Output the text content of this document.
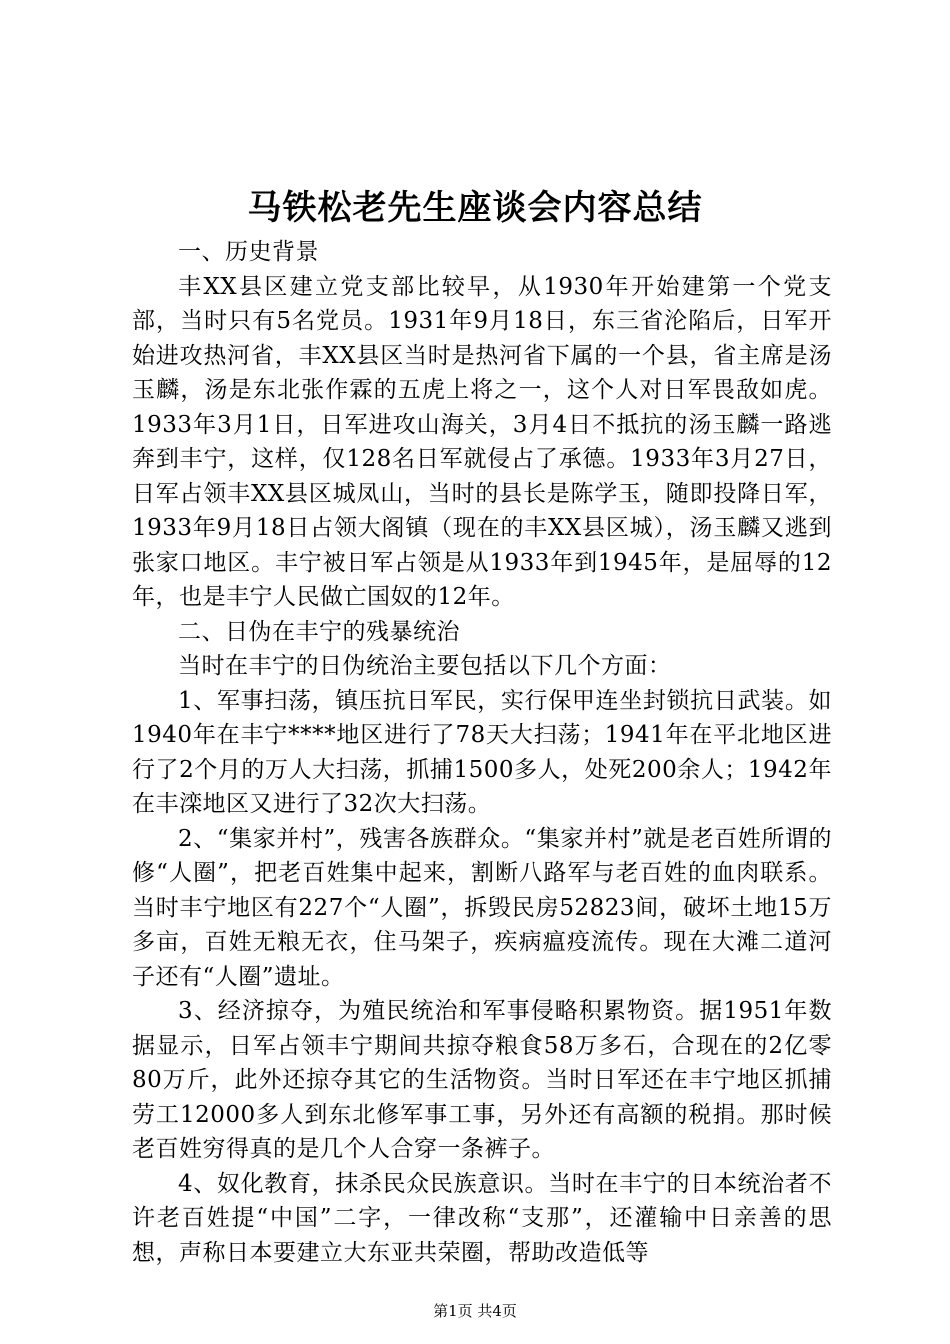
马铁松老先生座谈会内容总结

一、历史背景

丰XX县区建立党支部比较早，从1930年开始建第一个党支部，当时只有5名党员。1931年9月18日，东三省沦陷后，日军开始进攻热河省，丰XX县区当时是热河省下属的一个县，省主席是汤玉麟，汤是东北张作霖的五虎上将之一，这个人对日军畏敌如虎。1933年3月1日，日军进攻山海关，3月4日不抵抗的汤玉麟一路逃奔到丰宁，这样，仅128名日军就侵占了承德。1933年3月27日，日军占领丰XX县区城凤山，当时的县长是陈学玉，随即投降日军，1933年9月18日占领大阁镇（现在的丰XX县区城），汤玉麟又逃到张家口地区。丰宁被日军占领是从1933年到1945年，是屈辱的12年，也是丰宁人民做亡国奴的12年。

二、日伪在丰宁的残暴统治

当时在丰宁的日伪统治主要包括以下几个方面：

1、军事扫荡，镇压抗日军民，实行保甲连坐封锁抗日武装。如1940年在丰宁****地区进行了78天大扫荡；1941年在平北地区进行了2个月的万人大扫荡，抓捕1500多人，处死200余人；1942年在丰滦地区又进行了32次大扫荡。

2、“集家并村”，残害各族群众。“集家并村”就是老百姓所谓的修“人圈”，把老百姓集中起来，割断八路军与老百姓的血肉联系。当时丰宁地区有227个“人圈”，拆毁民房52823间，破坏土地15万多亩，百姓无粮无衣，住马架子，疾病瘟疫流传。现在大滩二道河子还有“人圈”遗址。

3、经济掠夺，为殖民统治和军事侵略积累物资。据1951年数据显示，日军占领丰宁期间共掠夺粮食58万多石，合现在的2亿零80万斤，此外还掠夺其它的生活物资。当时日军还在丰宁地区抓捕劳工12000多人到东北修军事工事，另外还有高额的税捐。那时候老百姓穷得真的是几个人合穿一条裤子。

4、奴化教育，抹杀民众民族意识。当时在丰宁的日本统治者不许老百姓提“中国”二字，一律改称“支那”，还灌输中日亲善的思想，声称日本要建立大东亚共荣圈，帮助改造低等

第1页 共4页
